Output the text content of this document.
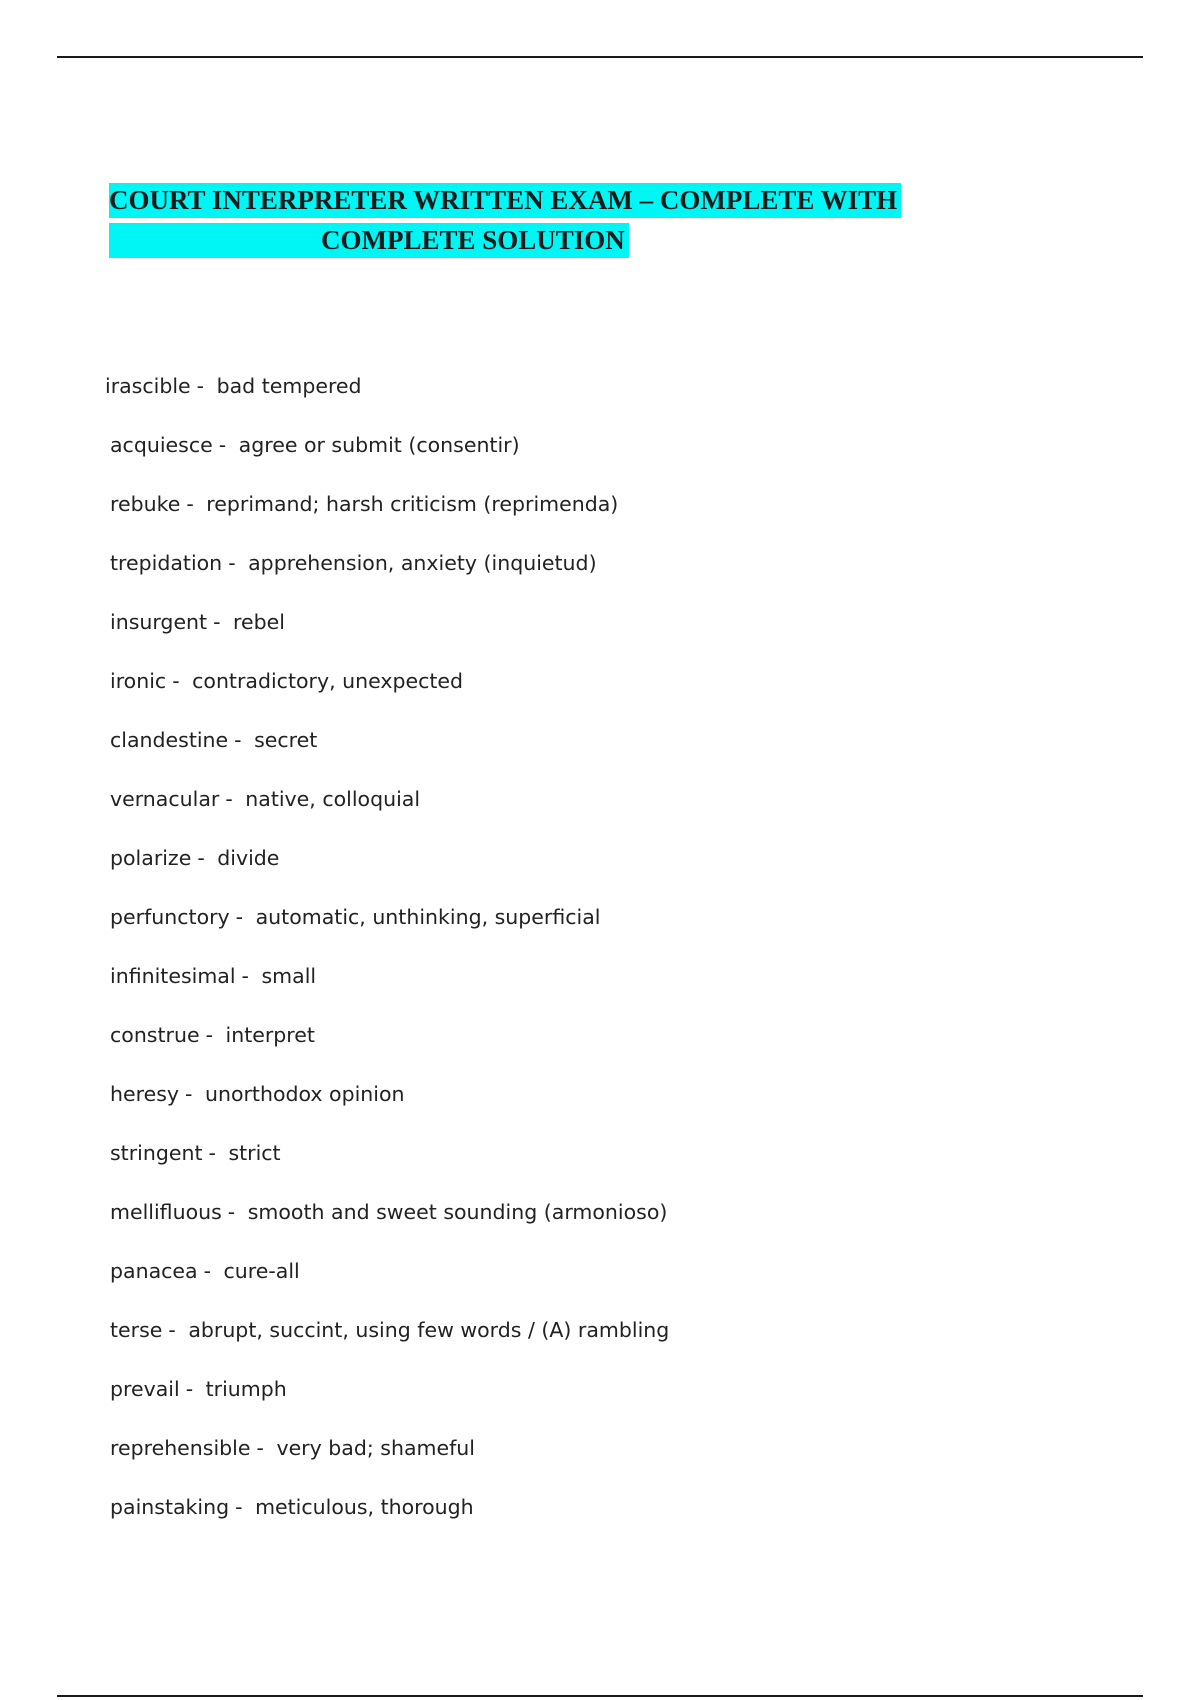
COURT INTERPRETER WRITTEN EXAM – COMPLETE WITH
COMPLETE SOLUTION
irascible - bad tempered
acquiesce - agree or submit (consentir)
rebuke - reprimand; harsh criticism (reprimenda)
trepidation - apprehension, anxiety (inquietud)
insurgent - rebel
ironic - contradictory, unexpected
clandestine - secret
vernacular - native, colloquial
polarize - divide
perfunctory - automatic, unthinking, superficial
infinitesimal - small
construe - interpret
heresy - unorthodox opinion
stringent - strict
mellifluous - smooth and sweet sounding (armonioso)
panacea - cure-all
terse - abrupt, succint, using few words / (A) rambling
prevail - triumph
reprehensible - very bad; shameful
painstaking - meticulous, thorough
